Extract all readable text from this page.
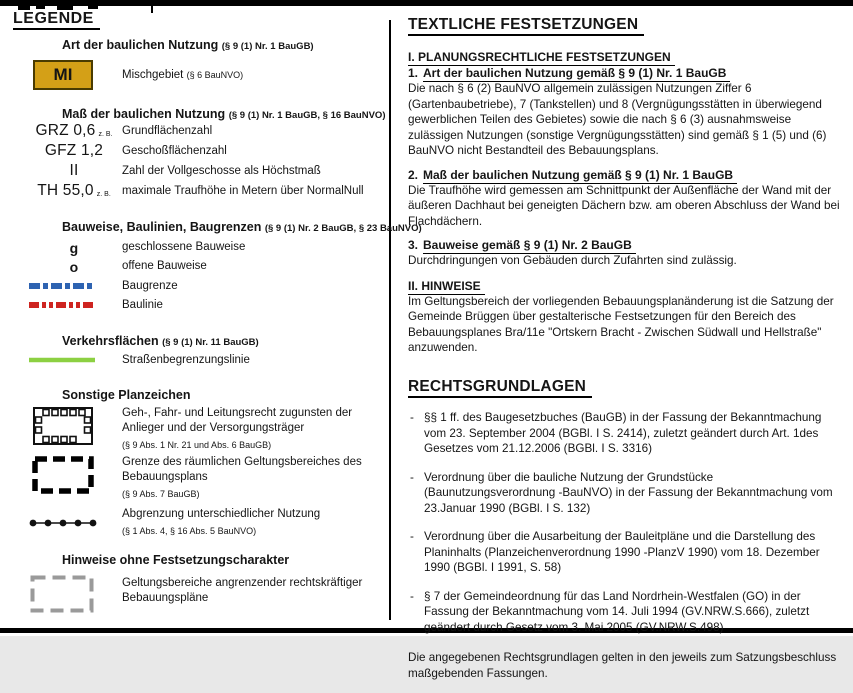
LEGENDE
Art der baulichen Nutzung (§ 9 (1) Nr. 1 BauGB)
MI	Mischgebiet (§ 6 BauNVO)
Maß der baulichen Nutzung (§ 9 (1) Nr. 1 BauGB, § 16 BauNVO)
GRZ 0,6 z. B. Grundflächenzahl
GFZ 1,2 Geschoßflächenzahl
II	Zahl der Vollgeschosse als Höchstmaß
TH 55,0 z. B. maximale Traufhöhe in Metern über NormalNull
Bauweise, Baulinien, Baugrenzen (§ 9 (1) Nr. 2 BauGB, § 23 BauNVO)
g	geschlossene Bauweise
o	offene Bauweise
Baugrenze
Baulinie
Verkehrsflächen (§ 9 (1) Nr. 11 BauGB)
Straßenbegrenzungslinie
Sonstige Planzeichen
Geh-, Fahr- und Leitungsrecht zugunsten der Anlieger und der Versorgungsträger
(§ 9 Abs. 1 Nr. 21 und Abs. 6 BauGB)
Grenze des räumlichen Geltungsbereiches des Bebauungsplans
(§ 9 Abs. 7 BauGB)
Abgrenzung unterschiedlicher Nutzung
(§ 1 Abs. 4, § 16 Abs. 5 BauNVO)
Hinweise ohne Festsetzungscharakter
Geltungsbereiche angrenzender rechtskräftiger Bebauungspläne
TEXTLICHE FESTSETZUNGEN

I. PLANUNGSRECHTLICHE FESTSETZUNGEN

1. Art der baulichen Nutzung gemäß § 9 (1) Nr. 1 BauGB

Die nach § 6 (2) BauNVO allgemein zulässigen Nutzungen Ziffer 6 (Gartenbaubetriebe), 7 (Tankstellen) und 8 (Vergnügungsstätten in überwiegend gewerblichen Teilen des Gebietes) sowie die nach § 6 (3) ausnahmsweise zulässigen Nutzungen (sonstige Vergnügungsstätten) sind gemäß § 1 (5) und (6) BauNVO nicht Bestandteil des Bebauungsplans.

2. Maß der baulichen Nutzung gemäß § 9 (1) Nr. 1 BauGB

Die Traufhöhe wird gemessen am Schnittpunkt der Außenfläche der Wand mit der äußeren Dachhaut bei geneigten Dächern bzw. am oberen Abschluss der Wand bei Flachdächern.

3. Bauweise gemäß § 9 (1) Nr. 2 BauGB

Durchdringungen von Gebäuden durch Zufahrten sind zulässig.

II. HINWEISE

Im Geltungsbereich der vorliegenden Bebauungsplanänderung ist die Satzung der Gemeinde Brüggen über gestalterische Festsetzungen für den Bereich des Bebauungsplanes Bra/11e "Ortskern Bracht - Zwischen Südwall und Hellstraße" anzuwenden.

RECHTSGRUNDLAGEN
- §§ 1 ff. des Baugesetzbuches (BauGB) in der Fassung der Bekanntmachung vom 23. September 2004 (BGBl. I S. 2414), zuletzt geändert durch Art. 1des Gesetzes vom 21.12.2006 (BGBl. I S. 3316)
- Verordnung über die bauliche Nutzung der Grundstücke (Baunutzungsverordnung -BauNVO) in der Fassung der Bekanntmachung vom 23.Januar 1990 (BGBl. I S. 132)
- Verordnung über die Ausarbeitung der Bauleitpläne und die Darstellung des Planinhalts (Planzeichenverordnung 1990 -PlanzV 1990) vom 18. Dezember 1990 (BGBl. I 1991, S. 58)
- § 7 der Gemeindeordnung für das Land Nordrhein-Westfalen (GO) in der Fassung der Bekanntmachung vom 14. Juli 1994 (GV.NRW.S.666), zuletzt geändert durch Gesetz vom 3. Mai 2005 (GV.NRW.S.498)

Die angegebenen Rechtsgrundlagen gelten in den jeweils zum Satzungsbeschluss maßgebenden Fassungen.
